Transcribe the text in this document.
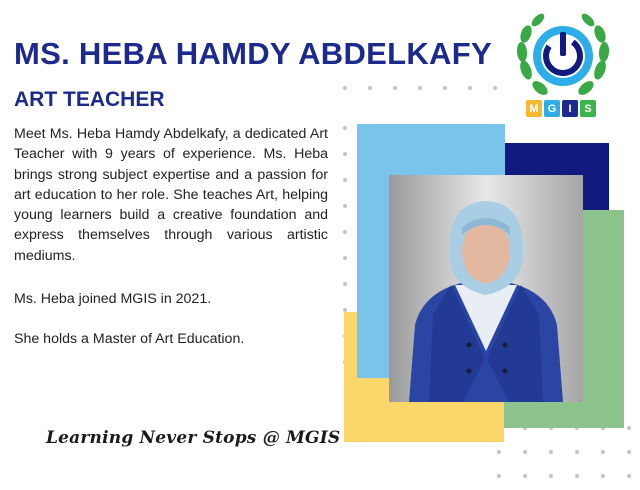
MS. HEBA HAMDY ABDELKAFY
ART TEACHER

Meet Ms. Heba Hamdy Abdelkafy, a dedicated Art Teacher with 9 years of experience. Ms. Heba brings strong subject expertise and a passion for art education to her role. She teaches Art, helping young learners build a creative foundation and express themselves through various artistic mediums.

Ms. Heba joined MGIS in 2021.

She holds a Master of Art Education.

Learning Never Stops @ MGIS

M G	I	S
